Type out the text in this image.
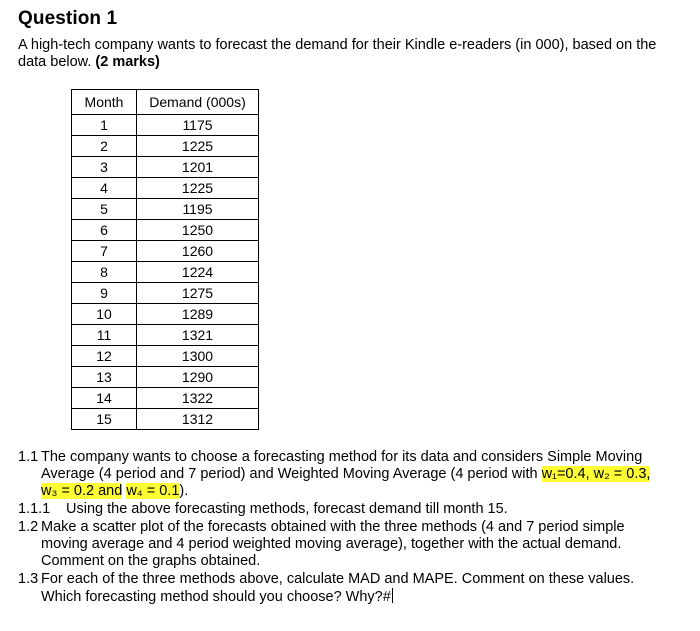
Question 1
A high-tech company wants to forecast the demand for their Kindle e-readers (in 000), based on the data below. (2 marks)
Month	Demand (000s)
1	1175
2	1225
3	1201
4	1225
5	1195
6	1250
7	1260
8	1224
9	1275
10	1289
11	1321
12	1300
13	1290
14	1322
15	1312
1.1 The company wants to choose a forecasting method for its data and considers Simple Moving Average (4 period and 7 period) and Weighted Moving Average (4 period with w₁=0.4, w₂ = 0.3, w₃ = 0.2 and w₄ = 0.1).
1.1.1 Using the above forecasting methods, forecast demand till month 15.
1.2 Make a scatter plot of the forecasts obtained with the three methods (4 and 7 period simple moving average and 4 period weighted moving average), together with the actual demand. Comment on the graphs obtained.
1.3 For each of the three methods above, calculate MAD and MAPE. Comment on these values. Which forecasting method should you choose? Why?#
